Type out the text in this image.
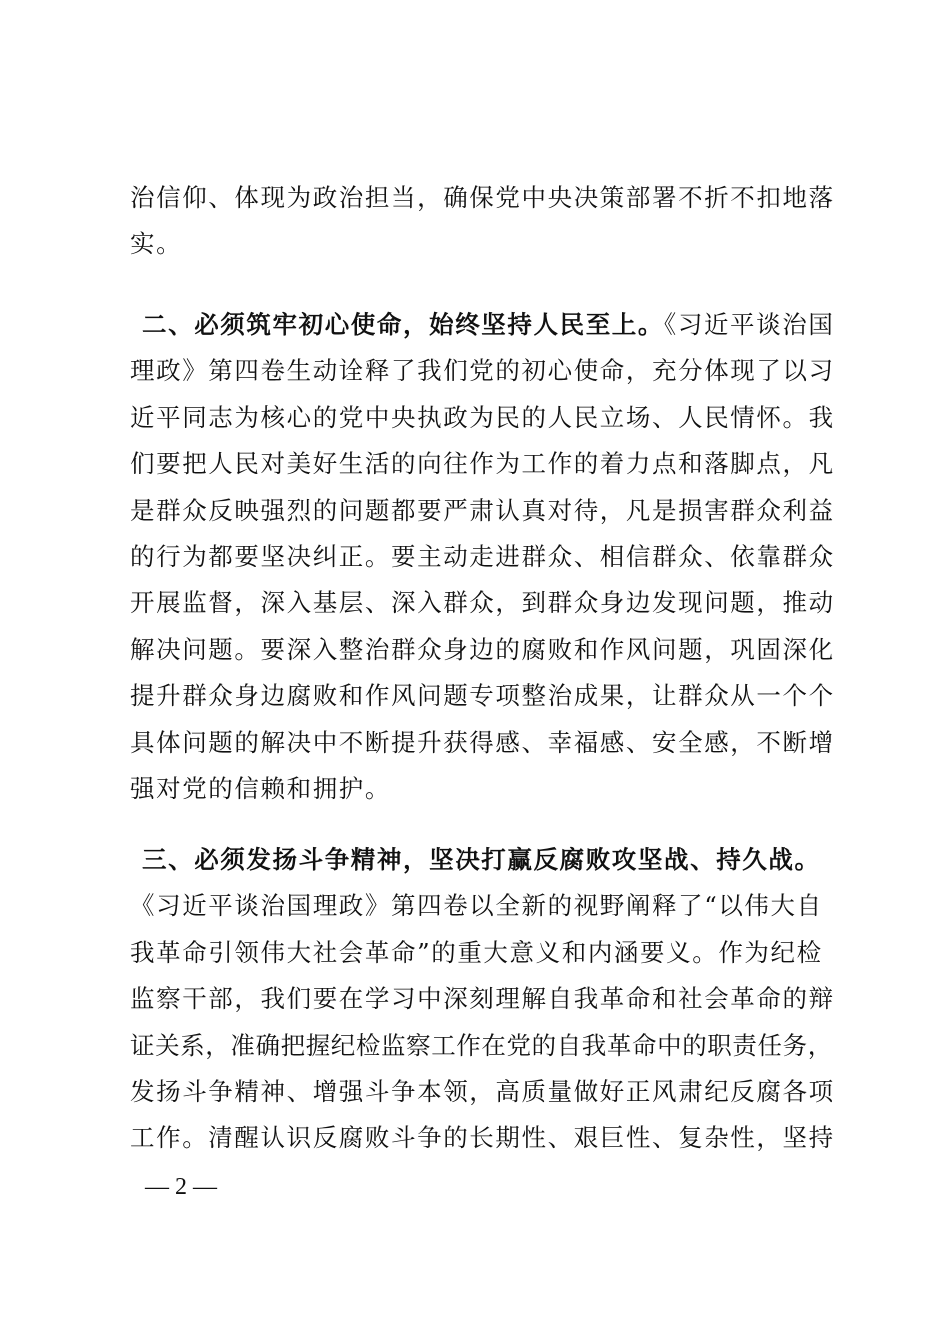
治信仰、体现为政治担当，确保党中央决策部署不折不扣地落
实。
二、必须筑牢初心使命，始终坚持人民至上。《习近平谈治国
理政》第四卷生动诠释了我们党的初心使命，充分体现了以习
近平同志为核心的党中央执政为民的人民立场、人民情怀。我
们要把人民对美好生活的向往作为工作的着力点和落脚点，凡
是群众反映强烈的问题都要严肃认真对待，凡是损害群众利益
的行为都要坚决纠正。要主动走进群众、相信群众、依靠群众
开展监督，深入基层、深入群众，到群众身边发现问题，推动
解决问题。要深入整治群众身边的腐败和作风问题，巩固深化
提升群众身边腐败和作风问题专项整治成果，让群众从一个个
具体问题的解决中不断提升获得感、幸福感、安全感，不断增
强对党的信赖和拥护。
三、必须发扬斗争精神，坚决打赢反腐败攻坚战、持久战。
《习近平谈治国理政》第四卷以全新的视野阐释了“以伟大自
我革命引领伟大社会革命”的重大意义和内涵要义。作为纪检
监察干部，我们要在学习中深刻理解自我革命和社会革命的辩
证关系，准确把握纪检监察工作在党的自我革命中的职责任务，
发扬斗争精神、增强斗争本领，高质量做好正风肃纪反腐各项
工作。清醒认识反腐败斗争的长期性、艰巨性、复杂性，坚持
— 2 —
